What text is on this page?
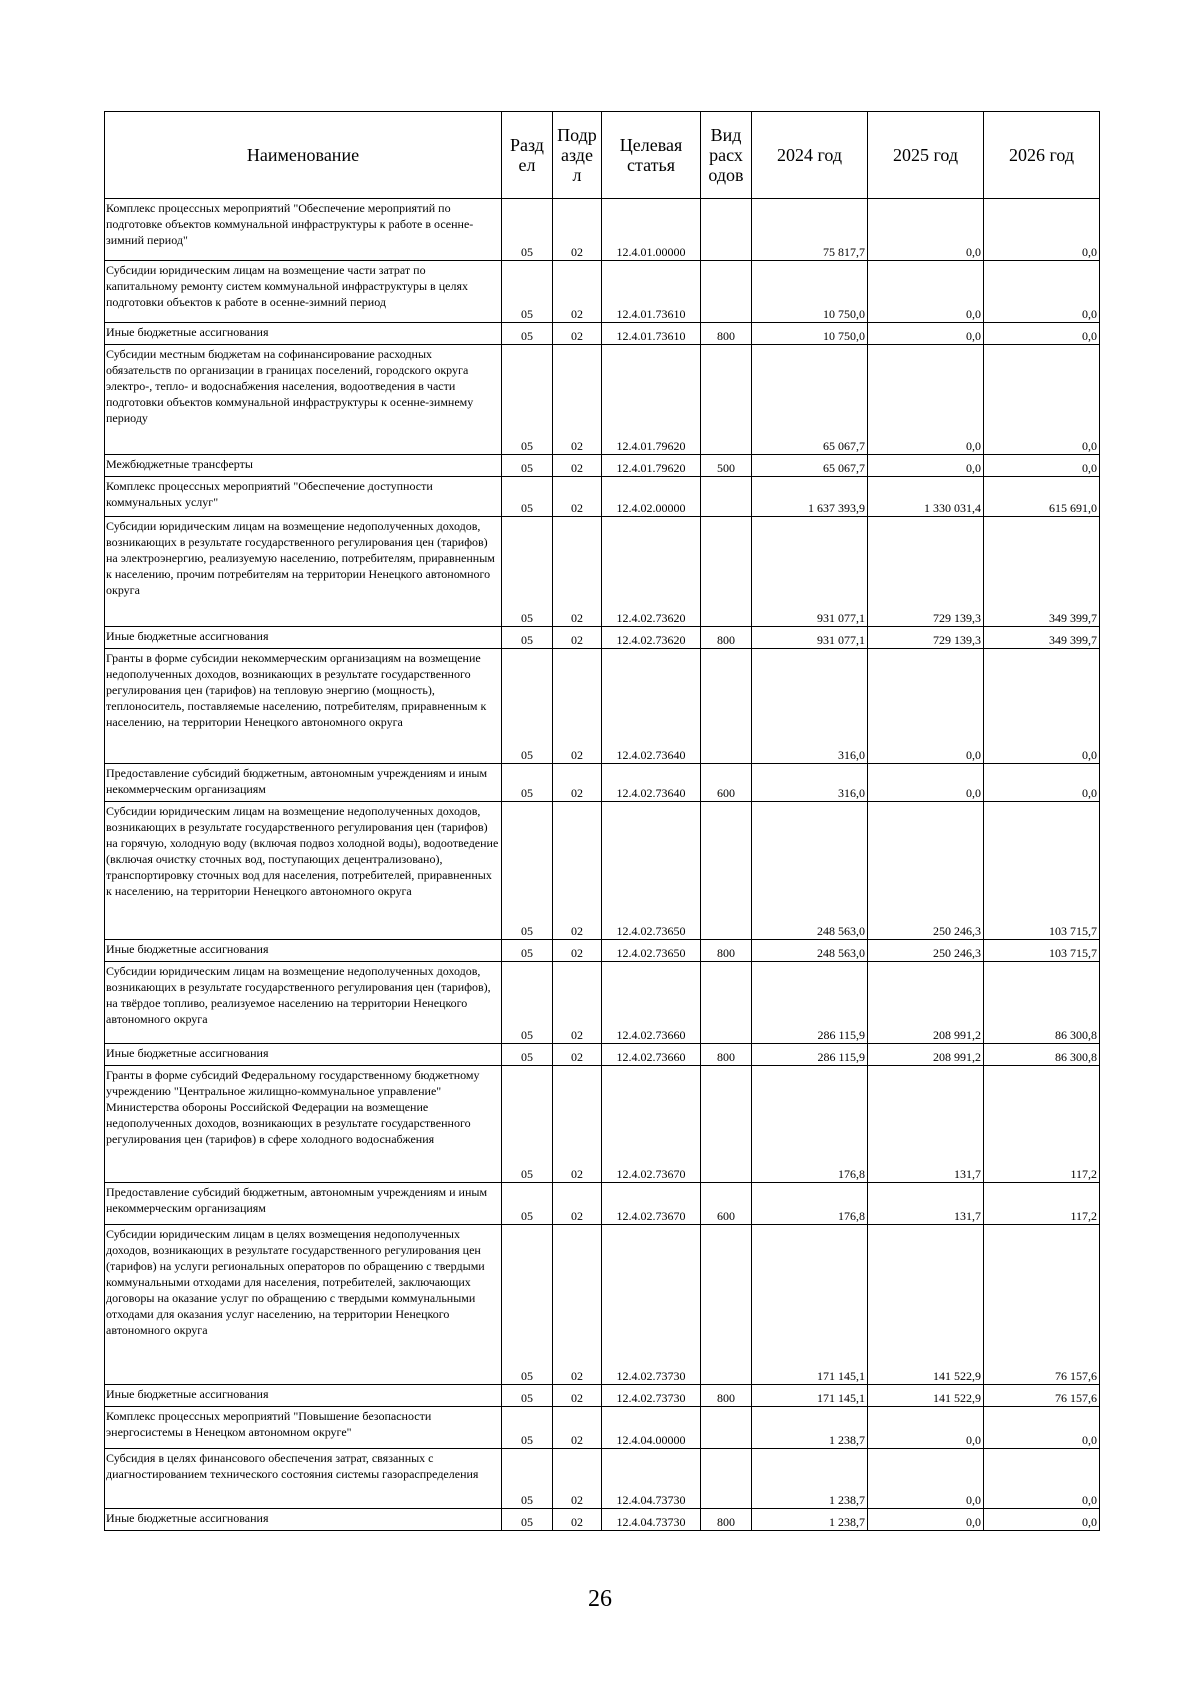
Наименование	Разд ел	Подр азде л	Целевая статья	Вид расх одов	2024 год	2025 год	2026 год
Комплекс процессных мероприятий "Обеспечение мероприятий по подготовке объектов коммунальной инфраструктуры к работе в осенне-зимний период"	05	02	12.4.01.00000		75 817,7	0,0	0,0
Субсидии юридическим лицам на возмещение части затрат по капитальному ремонту систем коммунальной инфраструктуры в целях подготовки объектов к работе в осенне-зимний период	05	02	12.4.01.73610		10 750,0	0,0	0,0
Иные бюджетные ассигнования	05	02	12.4.01.73610	800	10 750,0	0,0	0,0
Субсидии местным бюджетам на софинансирование расходных обязательств по организации в границах поселений, городского округа электро-, тепло- и водоснабжения населения, водоотведения в части подготовки объектов коммунальной инфраструктуры к осенне-зимнему периоду	05	02	12.4.01.79620		65 067,7	0,0	0,0
Межбюджетные трансферты	05	02	12.4.01.79620	500	65 067,7	0,0	0,0
Комплекс процессных мероприятий "Обеспечение доступности коммунальных услуг"	05	02	12.4.02.00000		1 637 393,9	1 330 031,4	615 691,0
Субсидии юридическим лицам на возмещение недополученных доходов, возникающих в результате государственного регулирования цен (тарифов) на электроэнергию, реализуемую населению, потребителям, приравненным к населению, прочим потребителям на территории Ненецкого автономного округа	05	02	12.4.02.73620		931 077,1	729 139,3	349 399,7
Иные бюджетные ассигнования	05	02	12.4.02.73620	800	931 077,1	729 139,3	349 399,7
Гранты в форме субсидии некоммерческим организациям на возмещение недополученных доходов, возникающих в результате государственного регулирования цен (тарифов) на тепловую энергию (мощность), теплоноситель, поставляемые населению, потребителям, приравненным к населению, на территории Ненецкого автономного округа	05	02	12.4.02.73640		316,0	0,0	0,0
Предоставление субсидий бюджетным, автономным учреждениям и иным некоммерческим организациям	05	02	12.4.02.73640	600	316,0	0,0	0,0
Субсидии юридическим лицам на возмещение недополученных доходов, возникающих в результате государственного регулирования цен (тарифов) на горячую, холодную воду (включая подвоз холодной воды), водоотведение (включая очистку сточных вод, поступающих децентрализовано), транспортировку сточных вод для населения, потребителей, приравненных к населению, на территории Ненецкого автономного округа	05	02	12.4.02.73650		248 563,0	250 246,3	103 715,7
Иные бюджетные ассигнования	05	02	12.4.02.73650	800	248 563,0	250 246,3	103 715,7
Субсидии юридическим лицам на возмещение недополученных доходов, возникающих в результате государственного регулирования цен (тарифов), на твёрдое топливо, реализуемое населению на территории Ненецкого автономного округа	05	02	12.4.02.73660		286 115,9	208 991,2	86 300,8
Иные бюджетные ассигнования	05	02	12.4.02.73660	800	286 115,9	208 991,2	86 300,8
Гранты в форме субсидий Федеральному государственному бюджетному учреждению "Центральное жилищно-коммунальное управление" Министерства обороны Российской Федерации на возмещение недополученных доходов, возникающих в результате государственного регулирования цен (тарифов) в сфере холодного водоснабжения	05	02	12.4.02.73670		176,8	131,7	117,2
Предоставление субсидий бюджетным, автономным учреждениям и иным некоммерческим организациям	05	02	12.4.02.73670	600	176,8	131,7	117,2
Субсидии юридическим лицам в целях возмещения недополученных доходов, возникающих в результате государственного регулирования цен (тарифов) на услуги региональных операторов по обращению с твердыми коммунальными отходами для населения, потребителей, заключающих договоры на оказание услуг по обращению с твердыми коммунальными отходами для оказания услуг населению, на территории Ненецкого автономного округа	05	02	12.4.02.73730		171 145,1	141 522,9	76 157,6
Иные бюджетные ассигнования	05	02	12.4.02.73730	800	171 145,1	141 522,9	76 157,6
Комплекс процессных мероприятий "Повышение безопасности энергосистемы в Ненецком автономном округе"	05	02	12.4.04.00000		1 238,7	0,0	0,0
Субсидия в целях финансового обеспечения затрат, связанных с диагностированием технического состояния системы газораспределения	05	02	12.4.04.73730		1 238,7	0,0	0,0
Иные бюджетные ассигнования	05	02	12.4.04.73730	800	1 238,7	0,0	0,0
26
